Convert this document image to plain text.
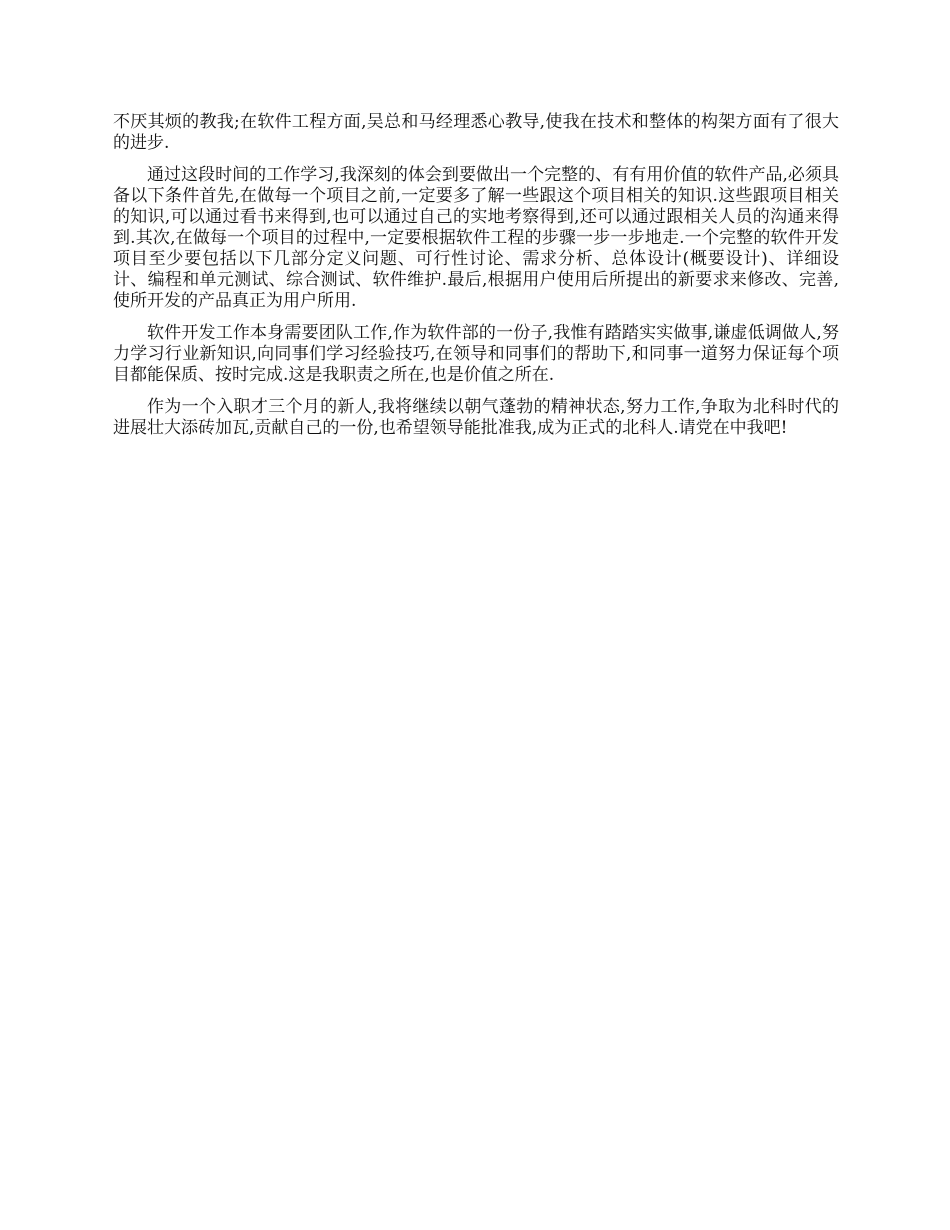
不厌其烦的教我;在软件工程方面,吴总和马经理悉心教导,使我在技术和整体的构架方面有了很大的进步.

通过这段时间的工作学习,我深刻的体会到要做出一个完整的、有有用价值的软件产品,必须具备以下条件首先,在做每一个项目之前,一定要多了解一些跟这个项目相关的知识.这些跟项目相关的知识,可以通过看书来得到,也可以通过自己的实地考察得到,还可以通过跟相关人员的沟通来得到.其次,在做每一个项目的过程中,一定要根据软件工程的步骤一步一步地走.一个完整的软件开发项目至少要包括以下几部分定义问题、可行性讨论、需求分析、总体设计(概要设计)、详细设计、编程和单元测试、综合测试、软件维护.最后,根据用户使用后所提出的新要求来修改、完善,使所开发的产品真正为用户所用.

软件开发工作本身需要团队工作,作为软件部的一份子,我惟有踏踏实实做事,谦虚低调做人,努力学习行业新知识,向同事们学习经验技巧,在领导和同事们的帮助下,和同事一道努力保证每个项目都能保质、按时完成.这是我职责之所在,也是价值之所在.

作为一个入职才三个月的新人,我将继续以朝气蓬勃的精神状态,努力工作,争取为北科时代的进展壮大添砖加瓦,贡献自己的一份,也希望领导能批准我,成为正式的北科人.请党在中我吧!
